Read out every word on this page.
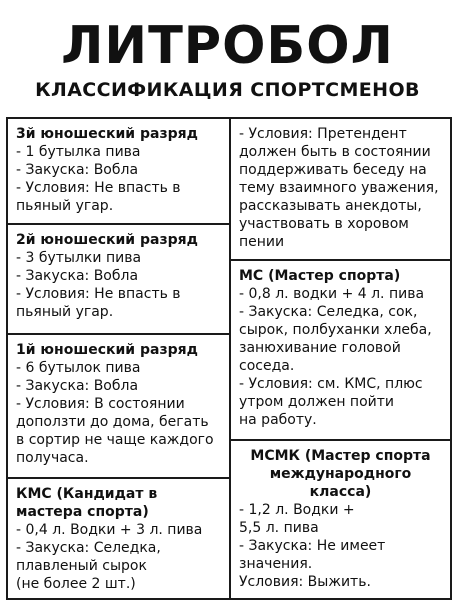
ЛИТРОБОЛ
КЛАССИФИКАЦИЯ СПОРТСМЕНОВ

3й юношеский разряд

- 1 бутылка пива

- Закуска: Вобла

- Условия: Не впасть в

пьяный угар.

2й юношеский разряд

- 3 бутылки пива

- Закуска: Вобла

- Условия: Не впасть в

пьяный угар.

1й юношеский разряд

- 6 бутылок пива

- Закуска: Вобла

- Условия: В состоянии

доползти до дома, бегать

в сортир не чаще каждого

получаса.

КМС (Кандидат в

мастера спорта)

- 0,4 л. Водки + 3 л. пива

- Закуска: Селедка,

плавленый сырок

(не более 2 шт.)

- Условия: Претендент

должен быть в состоянии

поддерживать беседу на

тему взаимного уважения,

рассказывать анекдоты,

участвовать в хоровом

пении

МС (Мастер спорта)

- 0,8 л. водки + 4 л. пива

- Закуска: Селедка, сок,

сырок, полбуханки хлеба,

занюхивание головой

соседа.

- Условия: см. КМС, плюс

утром должен пойти

на работу.

МСМК (Мастер спорта

международного

класса)

- 1,2 л. Водки +

5,5 л. пива

- Закуска: Не имеет

значения.

Условия: Выжить.
